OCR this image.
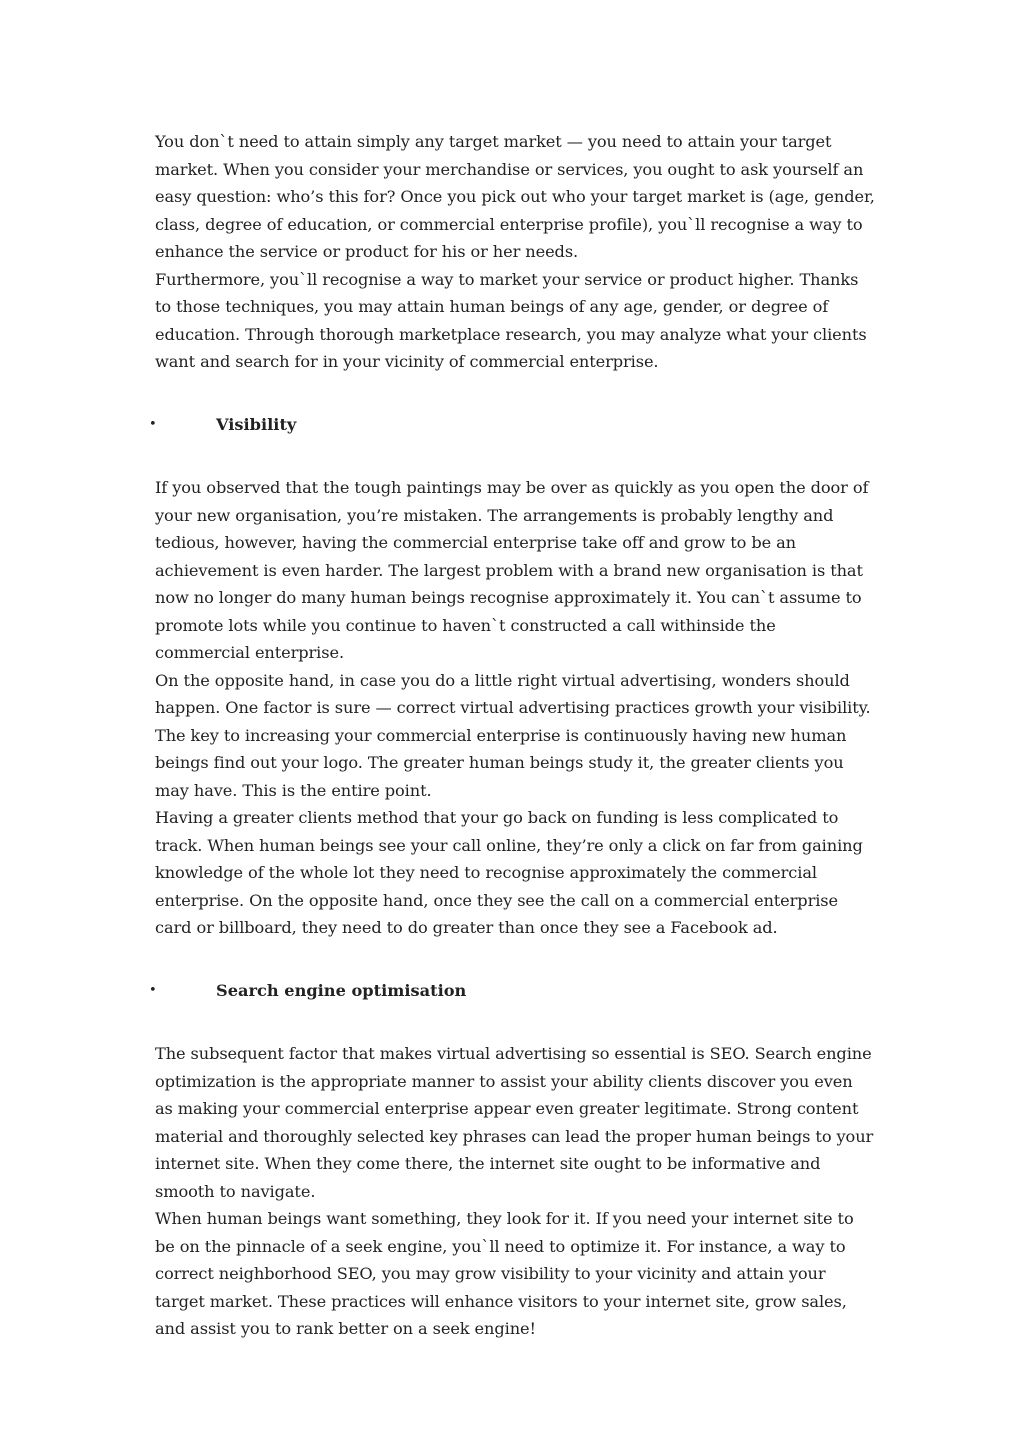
You don`t need to attain simply any target market — you need to attain your target market. When you consider your merchandise or services, you ought to ask yourself an easy question: who’s this for? Once you pick out who your target market is (age, gender, class, degree of education, or commercial enterprise profile), you`ll recognise a way to enhance the service or product for his or her needs.

Furthermore, you`ll recognise a way to market your service or product higher. Thanks to those techniques, you may attain human beings of any age, gender, or degree of education. Through thorough marketplace research, you may analyze what your clients want and search for in your vicinity of commercial enterprise.

•	Visibility

If you observed that the tough paintings may be over as quickly as you open the door of your new organisation, you’re mistaken. The arrangements is probably lengthy and tedious, however, having the commercial enterprise take off and grow to be an achievement is even harder. The largest problem with a brand new organisation is that now no longer do many human beings recognise approximately it. You can`t assume to promote lots while you continue to haven`t constructed a call withinside the commercial enterprise.

On the opposite hand, in case you do a little right virtual advertising, wonders should happen. One factor is sure — correct virtual advertising practices growth your visibility. The key to increasing your commercial enterprise is continuously having new human beings find out your logo. The greater human beings study it, the greater clients you may have. This is the entire point.

Having a greater clients method that your go back on funding is less complicated to track. When human beings see your call online, they’re only a click on far from gaining knowledge of the whole lot they need to recognise approximately the commercial enterprise. On the opposite hand, once they see the call on a commercial enterprise card or billboard, they need to do greater than once they see a Facebook ad.

•	Search engine optimisation

The subsequent factor that makes virtual advertising so essential is SEO. Search engine optimization is the appropriate manner to assist your ability clients discover you even as making your commercial enterprise appear even greater legitimate. Strong content material and thoroughly selected key phrases can lead the proper human beings to your internet site. When they come there, the internet site ought to be informative and smooth to navigate.

When human beings want something, they look for it. If you need your internet site to be on the pinnacle of a seek engine, you`ll need to optimize it. For instance, a way to correct neighborhood SEO, you may grow visibility to your vicinity and attain your target market. These practices will enhance visitors to your internet site, grow sales, and assist you to rank better on a seek engine!
